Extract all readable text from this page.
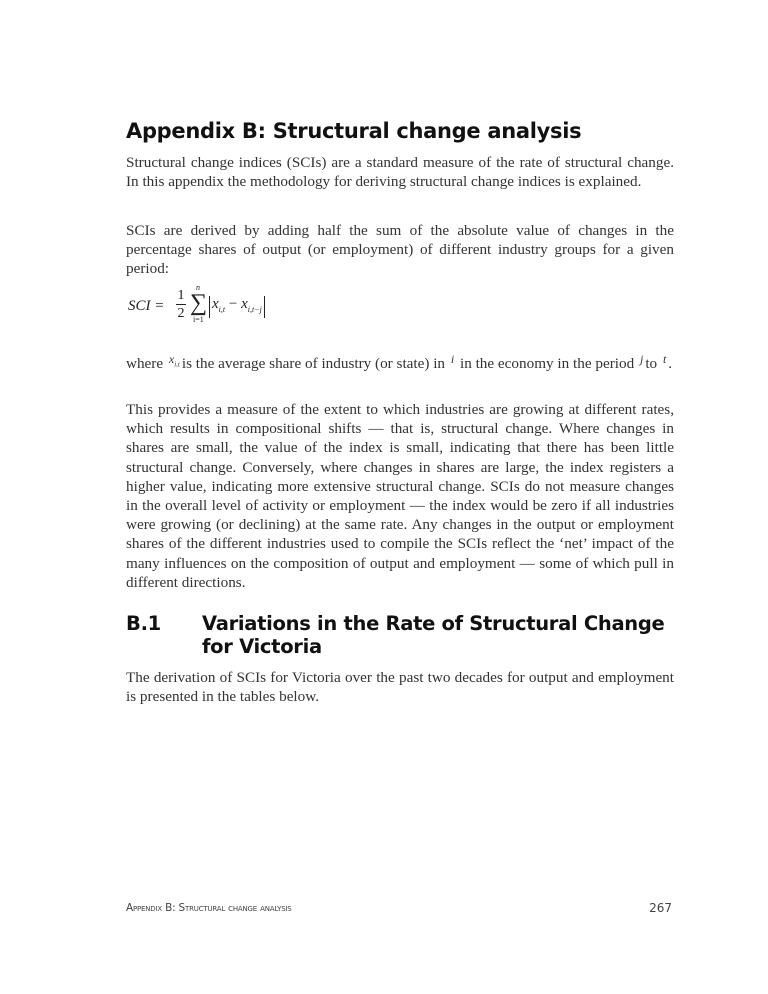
Appendix B: Structural change analysis

Structural change indices (SCIs) are a standard measure of the rate of structural change. In this appendix the methodology for deriving structural change indices is explained.

SCIs are derived by adding half the sum of the absolute value of changes in the percentage shares of output (or employment) of different industry groups for a given period:

SCI =
1
2
n
∑
i=1
$x_{i,t} - x_{i,t-j}$

where $^{x_{i,t}}$ is the average share of industry (or state) in $^i$ in the economy in the period $^j$ to $^t$ .

This provides a measure of the extent to which industries are growing at different rates, which results in compositional shifts — that is, structural change. Where changes in shares are small, the value of the index is small, indicating that there has been little structural change. Conversely, where changes in shares are large, the index registers a higher value, indicating more extensive structural change. SCIs do not measure changes in the overall level of activity or employment — the index would be zero if all industries were growing (or declining) at the same rate. Any changes in the output or employment shares of the different industries used to compile the SCIs reflect the ‘net’ impact of the many influences on the composition of output and employment — some of which pull in different directions.

B.1 Variations in the Rate of Structural Change for Victoria

The derivation of SCIs for Victoria over the past two decades for output and employment is presented in the tables below.

Appendix B: Structural change analysis	267
